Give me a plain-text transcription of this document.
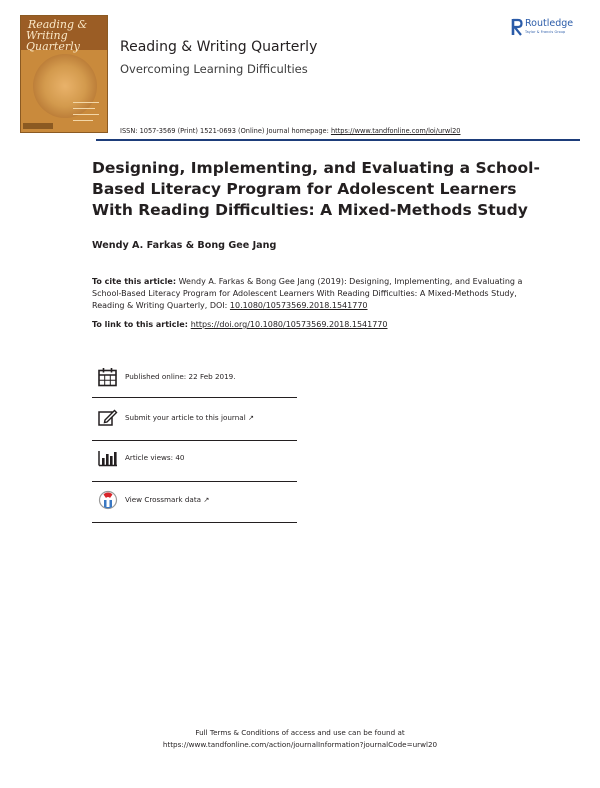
Reading &
Writing Quarterly	Reading & Writing Quarterly
Overcoming Learning Difficulties
ISSN: 1057-3569 (Print) 1521-0693 (Online) Journal homepage: https://www.tandfonline.com/loi/urwl20
Routledge
Taylor & Francis Group
Designing, Implementing, and Evaluating a School-Based Literacy Program for Adolescent Learners With Reading Difficulties: A Mixed-Methods Study
Wendy A. Farkas & Bong Gee Jang
To cite this article: Wendy A. Farkas & Bong Gee Jang (2019): Designing, Implementing, and Evaluating a School-Based Literacy Program for Adolescent Learners With Reading Difficulties: A Mixed-Methods Study, Reading & Writing Quarterly, DOI: 10.1080/10573569.2018.1541770
To link to this article: https://doi.org/10.1080/10573569.2018.1541770
Published online: 22 Feb 2019.
Submit your article to this journal ↗
Article views: 40
View Crossmark data ↗
Full Terms & Conditions of access and use can be found at
https://www.tandfonline.com/action/journalInformation?journalCode=urwl20
